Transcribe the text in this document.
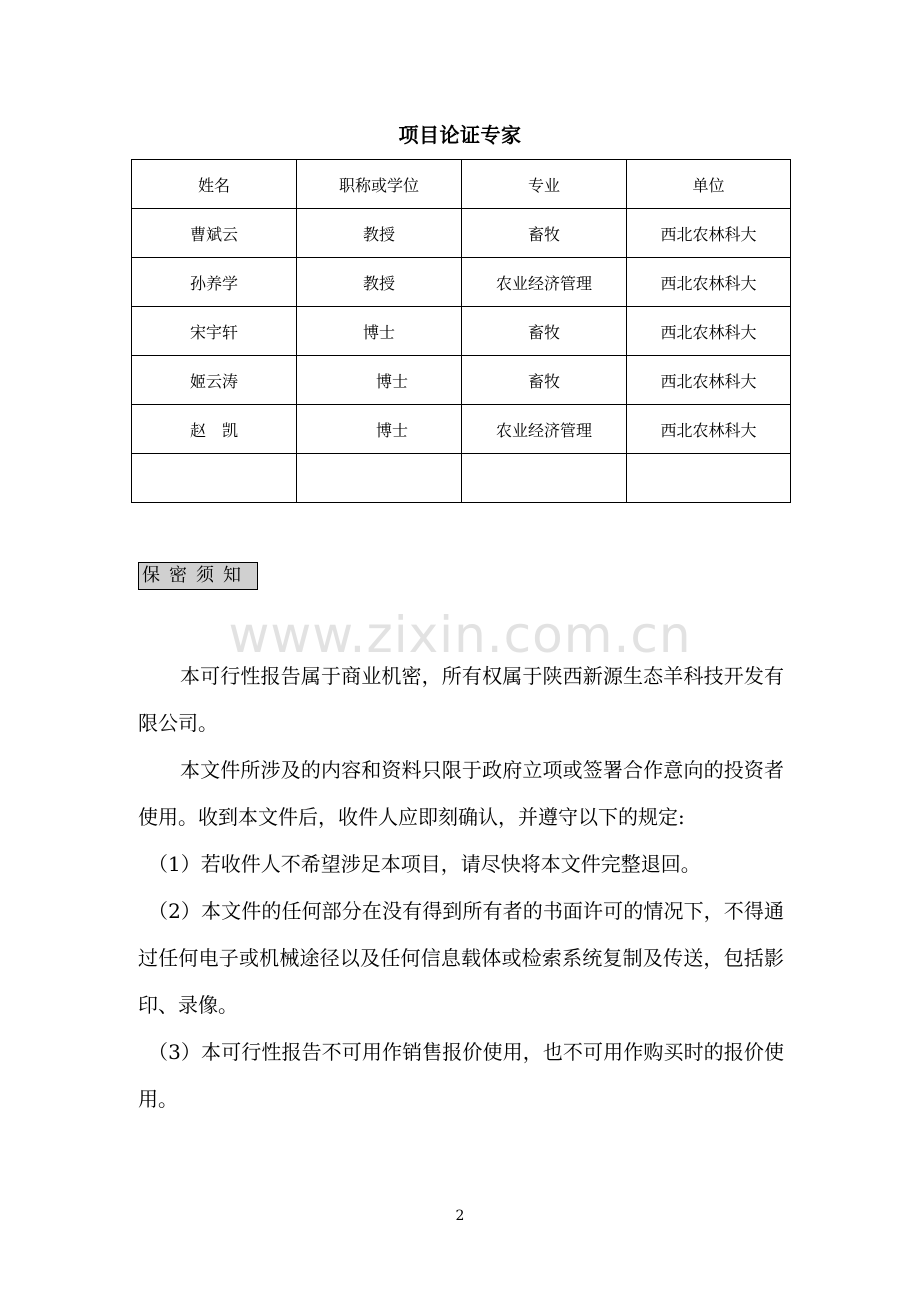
项目论证专家
姓名	职称或学位	专业	单位
曹斌云	教授	畜牧	西北农林科大
孙养学	教授	农业经济管理	西北农林科大
宋宇轩	博士	畜牧	西北农林科大
姬云涛	博士	畜牧	西北农林科大
赵　凯	博士	农业经济管理	西北农林科大

保密须知
www.zixin.com.cn

本可行性报告属于商业机密，所有权属于陕西新源生态羊科技开发有限公司。

本文件所涉及的内容和资料只限于政府立项或签署合作意向的投资者使用。收到本文件后，收件人应即刻确认，并遵守以下的规定:

（1）若收件人不希望涉足本项目，请尽快将本文件完整退回。

（2）本文件的任何部分在没有得到所有者的书面许可的情况下，不得通过任何电子或机械途径以及任何信息载体或检索系统复制及传送，包括影印、录像。

（3）本可行性报告不可用作销售报价使用，也不可用作购买时的报价使用。

2
